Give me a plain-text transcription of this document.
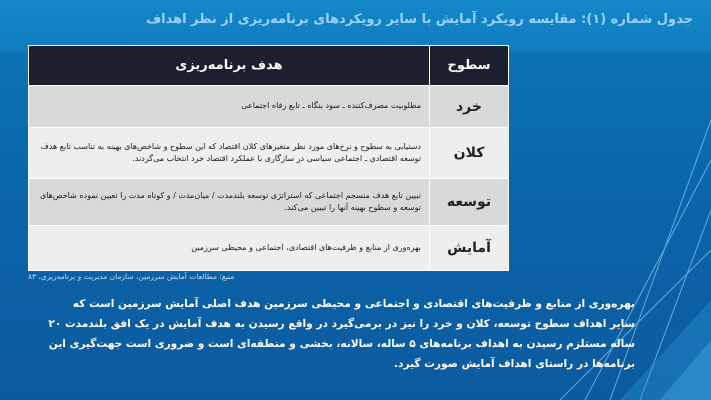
جدول شماره (۱): مقایسه رویکرد آمایش با سایر رویکردهای برنامه‌ریزی از نظر اهداف
سطوح	هدف برنامه‌ریزی
خرد	مطلوبیت مصرف‌کننده ـ سود بنگاه ـ تابع رفاه اجتماعی
کلان	دستیابی به سطوح و نرخ‌های مورد نظر متغیرهای کلان اقتصاد که این سطوح و شاخص‌های بهینه به تناسب تابع هدف توسعه اقتصادی ـ اجتماعی سیاسی در سازگاری با عملکرد اقتصاد خرد انتخاب می‌گردند.
توسعه	تبیین تابع هدف منسجم اجتماعی که استراتژی توسعه بلندمدت / میان‌مدت / و کوتاه مدت را تعیین نموده شاخص‌های توسعه و سطوح بهینه آنها را تبیین می‌کند.
آمایش	بهره‌وری از منابع و ظرفیت‌های اقتصادی، اجتماعی و محیطی سرزمین
منبع: مطالعات آمایش سرزمین، سازمان مدیریت و برنامه‌ریزی، ۸۳
بهره‌وری از منابع و ظرفیت‌های اقتصادی و اجتماعی و محیطی سرزمین هدف اصلی آمایش سرزمین است که سایر اهداف سطوح توسعه، کلان و خرد را نیز در برمی‌گیرد در واقع رسیدن به هدف آمایش در یک افق بلندمدت ۲۰ ساله مستلزم رسیدن به اهداف برنامه‌های ۵ ساله، سالانه، بخشی و منطقه‌ای است و ضروری است جهت‌گیری این برنامه‌ها در راستای اهداف آمایش صورت گیرد.
